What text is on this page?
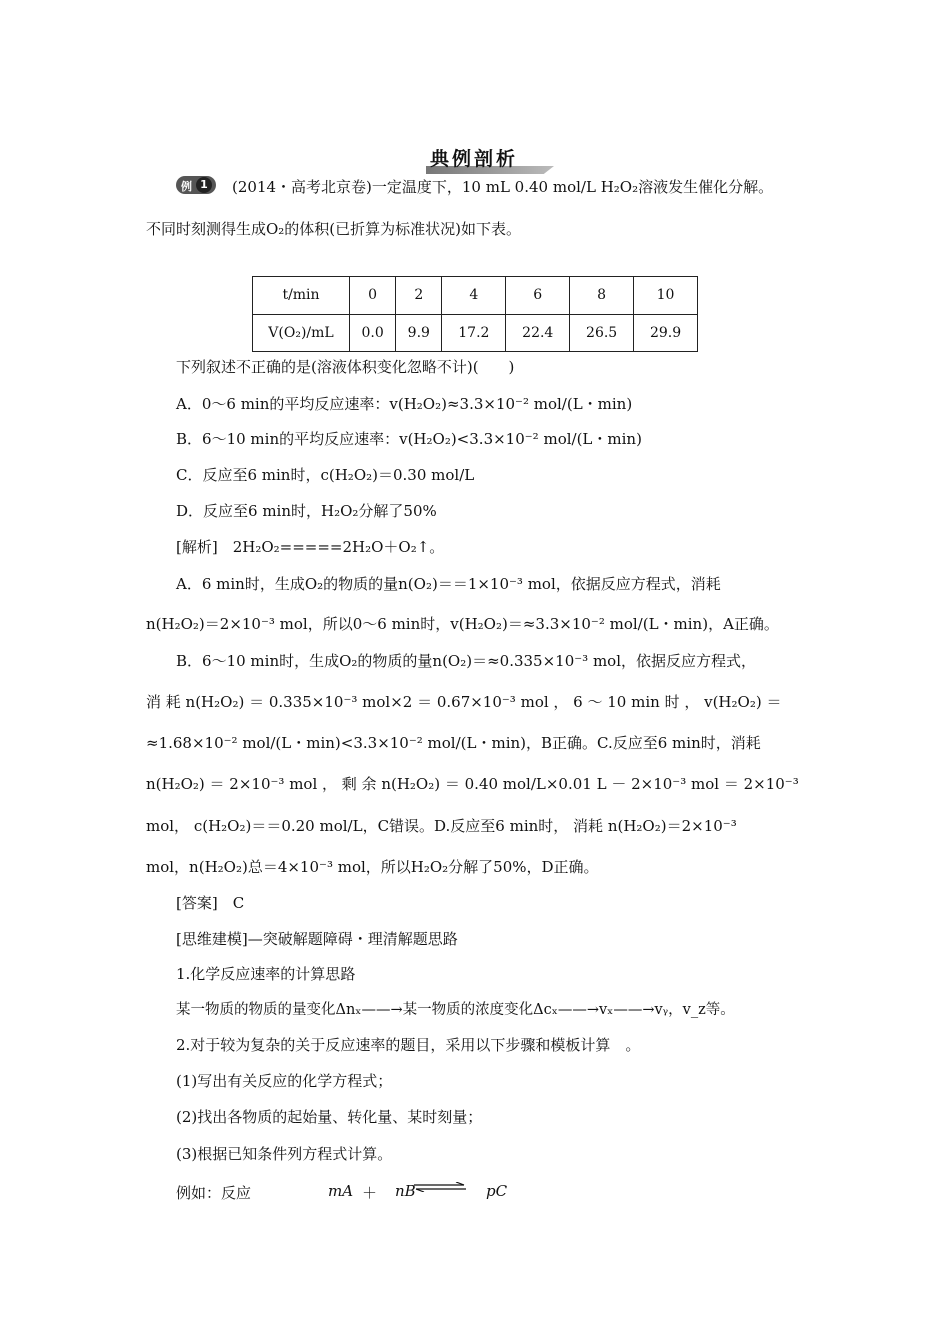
典例剖析
例 1 (2014・高考北京卷)一定温度下，10 mL 0.40 mol/L H₂O₂溶液发生催化分解。
不同时刻测得生成O₂的体积(已折算为标准状况)如下表。
t/min	0	2	4	6	8	10
V(O₂)/mL	0.0	9.9	17.2	22.4	26.5	29.9
下列叙述不正确的是(溶液体积变化忽略不计)(　　)
A．0～6 min的平均反应速率：v(H₂O₂)≈3.3×10⁻² mol/(L・min)
B．6～10 min的平均反应速率：v(H₂O₂)<3.3×10⁻² mol/(L・min)
C．反应至6 min时，c(H₂O₂)＝0.30 mol/L
D．反应至6 min时，H₂O₂分解了50%
[解析]　2H₂O₂=====2H₂O＋O₂↑。
A．6 min时，生成O₂的物质的量n(O₂)＝＝1×10⁻³ mol，依据反应方程式，消耗
n(H₂O₂)＝2×10⁻³ mol，所以0～6 min时，v(H₂O₂)＝≈3.3×10⁻² mol/(L・min)，A正确。
B．6～10 min时，生成O₂的物质的量n(O₂)＝≈0.335×10⁻³ mol，依据反应方程式，
消 耗 n(H₂O₂) ＝ 0.335×10⁻³ mol×2 ＝ 0.67×10⁻³ mol ， 6 ～ 10 min 时 ， v(H₂O₂) ＝
≈1.68×10⁻² mol/(L・min)<3.3×10⁻² mol/(L・min)，B正确。C.反应至6 min时，消耗
n(H₂O₂) ＝ 2×10⁻³ mol ， 剩 余 n(H₂O₂) ＝ 0.40 mol/L×0.01 L － 2×10⁻³ mol ＝ 2×10⁻³
mol， c(H₂O₂)＝＝0.20 mol/L，C错误。D.反应至6 min时， 消耗 n(H₂O₂)＝2×10⁻³
mol，n(H₂O₂)总＝4×10⁻³ mol，所以H₂O₂分解了50%，D正确。
[答案]　C
[思维建模]—突破解题障碍・理清解题思路
1.化学反应速率的计算思路
某一物质的物质的量变化Δnₓ——→某一物质的浓度变化Δcₓ——→vₓ——→vᵧ，v_z等。
2.对于较为复杂的关于反应速率的题目，采用以下步骤和模板计算　。
(1)写出有关反应的化学方程式；
(2)找出各物质的起始量、转化量、某时刻量；
(3)根据已知条件列方程式计算。
例如：反应	mA ＋ nB ⇌ pC
